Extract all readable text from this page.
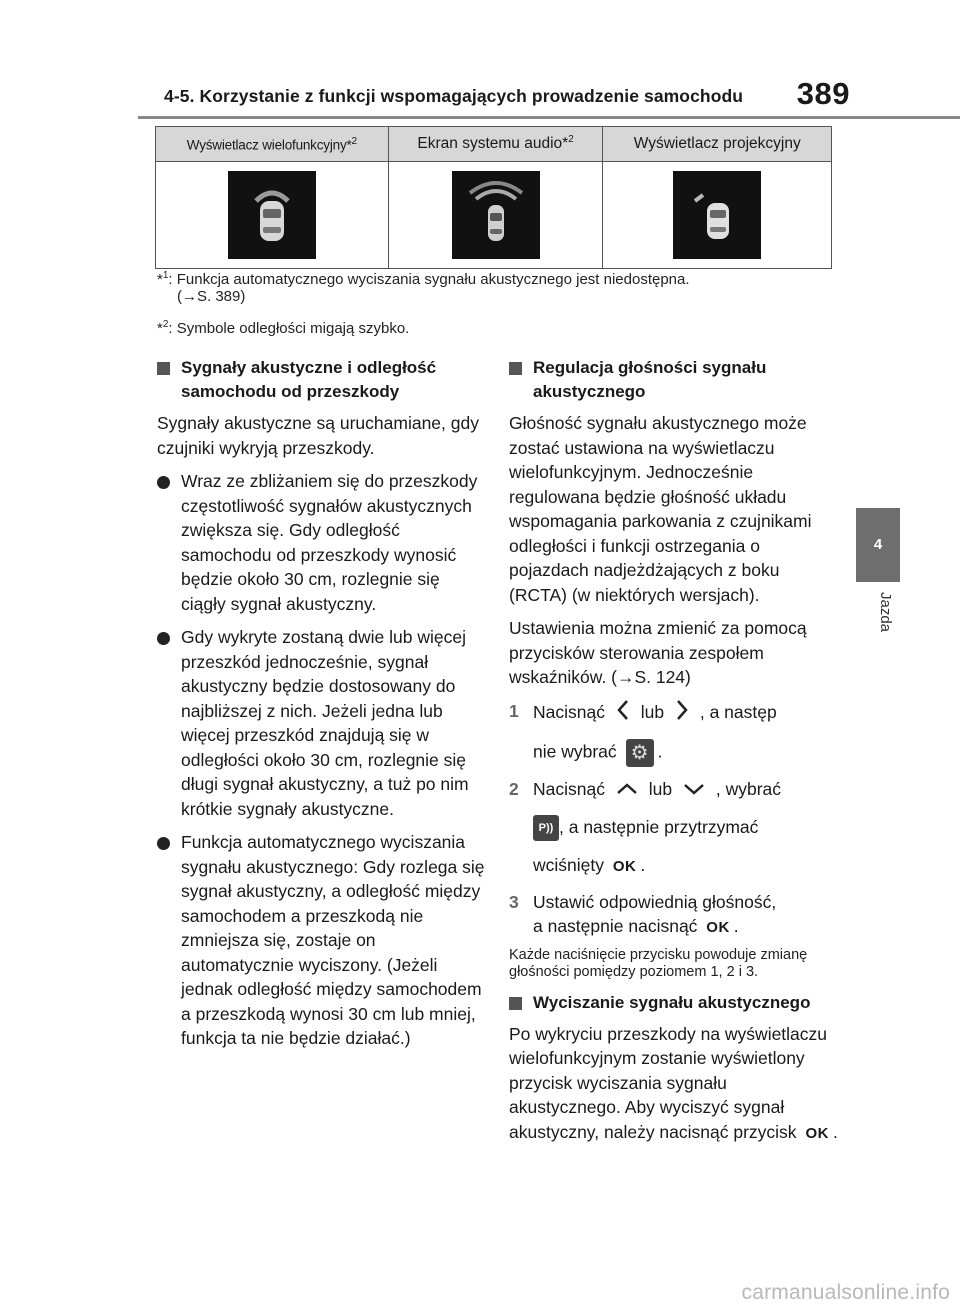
4-5. Korzystanie z funkcji wspomagających prowadzenie samochodu 389
4
Jazda
Wyświetlacz wielofunkcyjny*$^2$	Ekran systemu audio*$^2$	Wyświetlacz projekcyjny

*$^1$: Funkcja automatycznego wyciszania sygnału akustycznego jest niedostępna.
(→S. 389)
*$^2$: Symbole odległości migają szybko.
Sygnały akustyczne i odległość samochodu od przeszkody
Sygnały akustyczne są uruchamiane, gdy czujniki wykryją przeszkody.
Wraz ze zbliżaniem się do przeszkody częstotliwość sygnałów akustycznych zwiększa się. Gdy odległość samochodu od przeszkody wynosić będzie około 30 cm, rozlegnie się ciągły sygnał akustyczny.
Gdy wykryte zostaną dwie lub więcej przeszkód jednocześnie, sygnał akustyczny będzie dostosowany do najbliższej z nich. Jeżeli jedna lub więcej przeszkód znajdują się w odległości około 30 cm, rozlegnie się długi sygnał akustyczny, a tuż po nim krótkie sygnały akustyczne.
Funkcja automatycznego wyciszania sygnału akustycznego: Gdy rozlega się sygnał akustyczny, a odległość między samochodem a przeszkodą nie zmniejsza się, zostaje on automatycznie wyciszony. (Jeżeli jednak odległość między samochodem a przeszkodą wynosi 30 cm lub mniej, funkcja ta nie będzie działać.)
Regulacja głośności sygnału akustycznego
Głośność sygnału akustycznego może zostać ustawiona na wyświetlaczu wielofunkcyjnym. Jednocześnie regulowana będzie głośność układu wspomagania parkowania z czujnikami odległości i funkcji ostrzegania o pojazdach nadjeżdżających z boku (RCTA) (w niektórych wersjach).
Ustawienia można zmienić za pomocą przycisków sterowania zespołem wskaźników. (→S. 124)
1 Nacisnąć lub , a następ
nie wybrać ⚙ .
2 Nacisnąć	lub	, wybrać
P)) , a następnie przytrzymać
wciśnięty OK .
3 Ustawić odpowiednią głośność,
a następnie nacisnąć OK .
Każde naciśnięcie przycisku powoduje zmianę głośności pomiędzy poziomem 1, 2 i 3.
Wyciszanie sygnału akustycznego
Po wykryciu przeszkody na wyświetlaczu wielofunkcyjnym zostanie wyświetlony przycisk wyciszania sygnału akustycznego. Aby wyciszyć sygnał akustyczny, należy nacisnąć przycisk OK .
carmanualsonline.info
